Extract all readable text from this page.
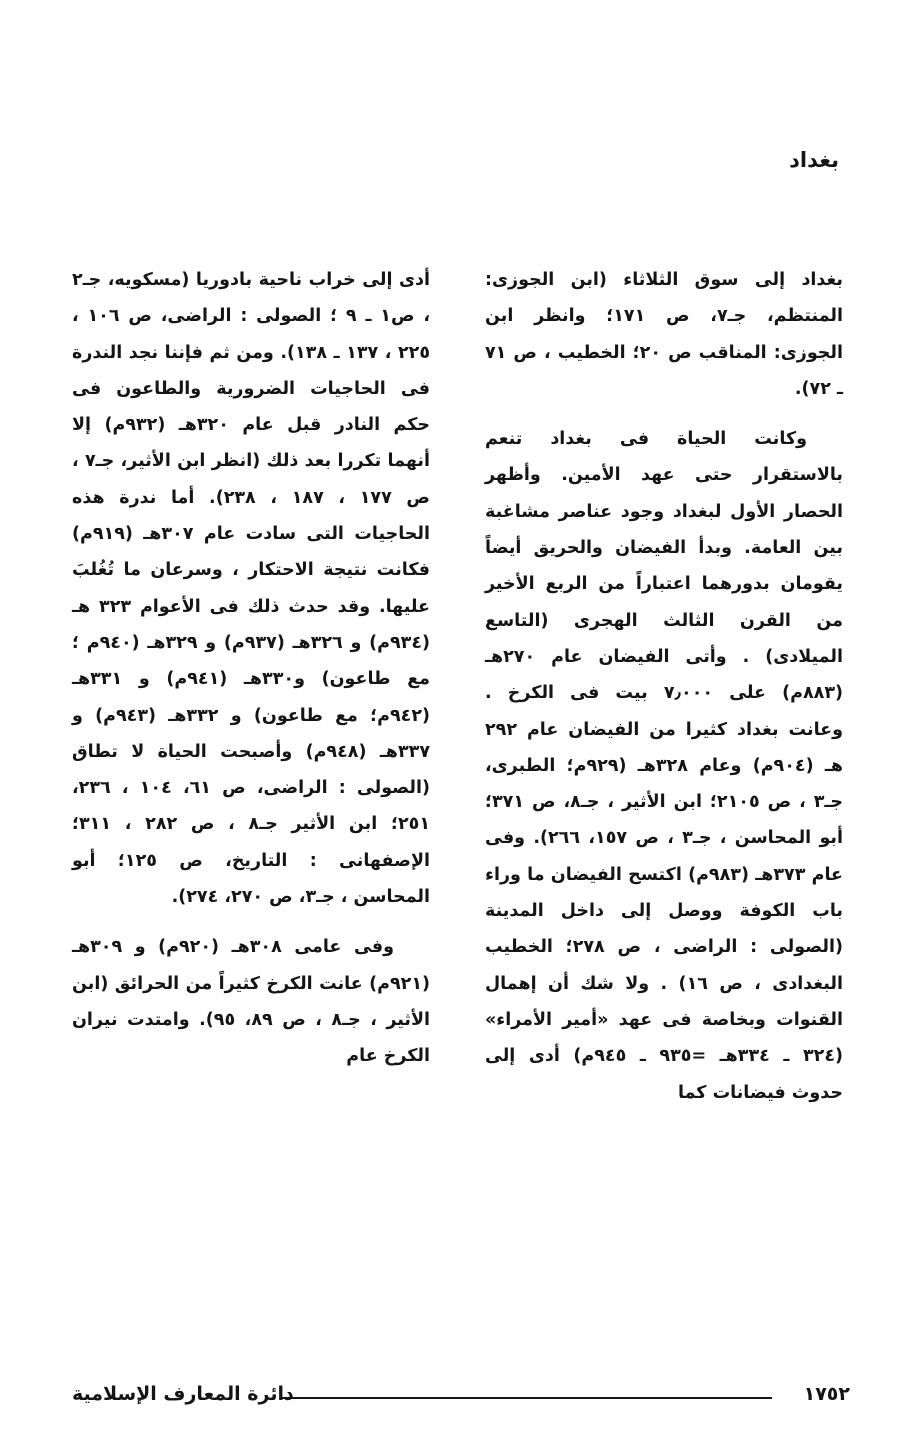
بغداد

بغداد إلى سوق الثلاثاء (ابن الجوزى: المنتظم، جـ٧، ص ١٧١؛ وانظر ابن الجوزى: المناقب ص ٢٠؛ الخطيب ، ص ٧١ ـ ٧٢).

وكانت الحياة فى بغداد تنعم بالاستقرار حتى عهد الأمين. وأظهر الحصار الأول لبغداد وجود عناصر مشاغبة بين العامة. وبدأ الفيضان والحريق أيضاً يقومان بدورهما اعتباراً من الربع الأخير من القرن الثالث الهجرى (التاسع الميلادى) . وأتى الفيضان عام ٢٧٠هـ (٨٨٣م) على ٧٫٠٠٠ بيت فى الكرخ . وعانت بغداد كثيرا من الفيضان عام ٢٩٢ هـ (٩٠٤م) وعام ٣٢٨هـ (٩٢٩م؛ الطبرى، جـ٣ ، ص ٢١٠٥؛ ابن الأثير ، جـ٨، ص ٣٧١؛ أبو المحاسن ، جـ٣ ، ص ١٥٧، ٢٦٦). وفى عام ٣٧٣هـ (٩٨٣م) اكتسح الفيضان ما وراء باب الكوفة ووصل إلى داخل المدينة (الصولى : الراضى ، ص ٢٧٨؛ الخطيب البغدادى ، ص ١٦) . ولا شك أن إهمال القنوات وبخاصة فى عهد «أمير الأمراء» (٣٢٤ ـ ٣٣٤هـ =٩٣٥ ـ ٩٤٥م) أدى إلى حدوث فيضانات كما

أدى إلى خراب ناحية بادوريا (مسكويه، جـ٢ ، ص١ ـ ٩ ؛ الصولى : الراضى، ص ١٠٦ ، ٢٢٥ ، ١٣٧ ـ ١٣٨). ومن ثم فإننا نجد الندرة فى الحاجيات الضرورية والطاعون فى حكم النادر قبل عام ٣٢٠هـ (٩٣٢م) إلا أنهما تكررا بعد ذلك (انظر ابن الأثير، جـ٧ ، ص ١٧٧ ، ١٨٧ ، ٢٣٨). أما ندرة هذه الحاجيات التى سادت عام ٣٠٧هـ (٩١٩م) فكانت نتيجة الاحتكار ، وسرعان ما تُغُلبَ عليها. وقد حدث ذلك فى الأعوام ٣٢٣ هـ (٩٣٤م) و ٣٢٦هـ (٩٣٧م) و ٣٢٩هـ (٩٤٠م ؛ مع طاعون) و٣٣٠هـ (٩٤١م) و ٣٣١هـ (٩٤٢م؛ مع طاعون) و ٣٣٢هـ (٩٤٣م) و ٣٣٧هـ (٩٤٨م) وأصبحت الحياة لا تطاق (الصولى : الراضى، ص ٦١، ١٠٤ ، ٢٣٦، ٢٥١؛ ابن الأثير جـ٨ ، ص ٢٨٢ ، ٣١١؛ الإصفهانى : التاريخ، ص ١٢٥؛ أبو المحاسن ، جـ٣، ص ٢٧٠، ٢٧٤).

وفى عامى ٣٠٨هـ (٩٢٠م) و ٣٠٩هـ (٩٢١م) عانت الكرخ كثيراً من الحرائق (ابن الأثير ، جـ٨ ، ص ٨٩، ٩٥). وامتدت نيران الكرخ عام

دائرة المعارف الإسلامية	١٧٥٢
